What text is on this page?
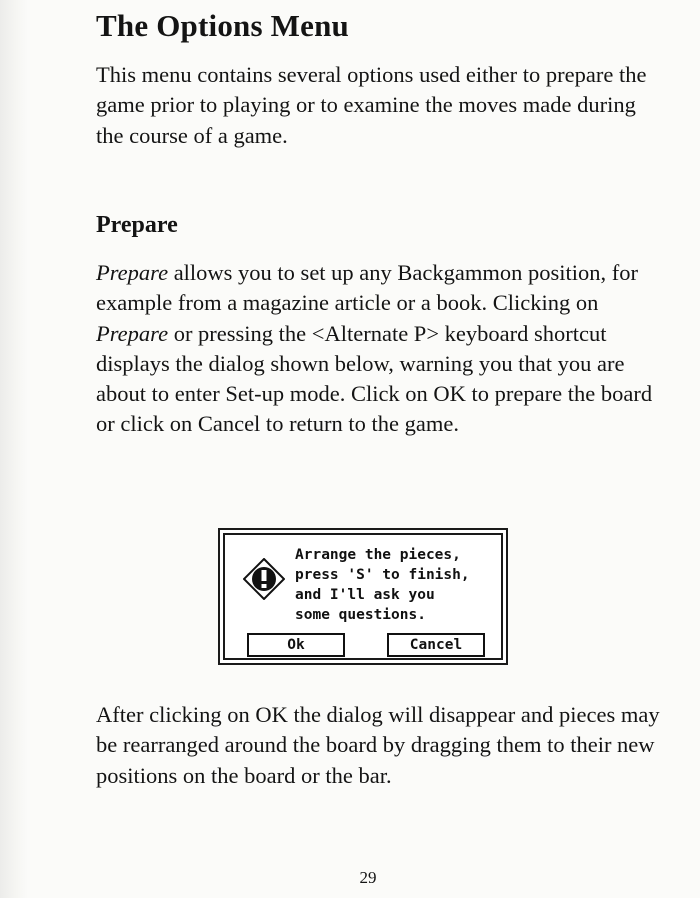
The Options Menu

This menu contains several options used either to prepare the game prior to playing or to examine the moves made during the course of a game.

Prepare

Prepare allows you to set up any Backgammon position, for example from a magazine article or a book. Clicking on Prepare or pressing the <Alternate P> keyboard shortcut displays the dialog shown below, warning you that you are about to enter Set-up mode. Click on OK to prepare the board or click on Cancel to return to the game.

Arrange the pieces,
press 'S' to finish,
and I'll ask you
some questions.

Ok	Cancel

After clicking on OK the dialog will disappear and pieces may be rearranged around the board by dragging them to their new positions on the board or the bar.

29
